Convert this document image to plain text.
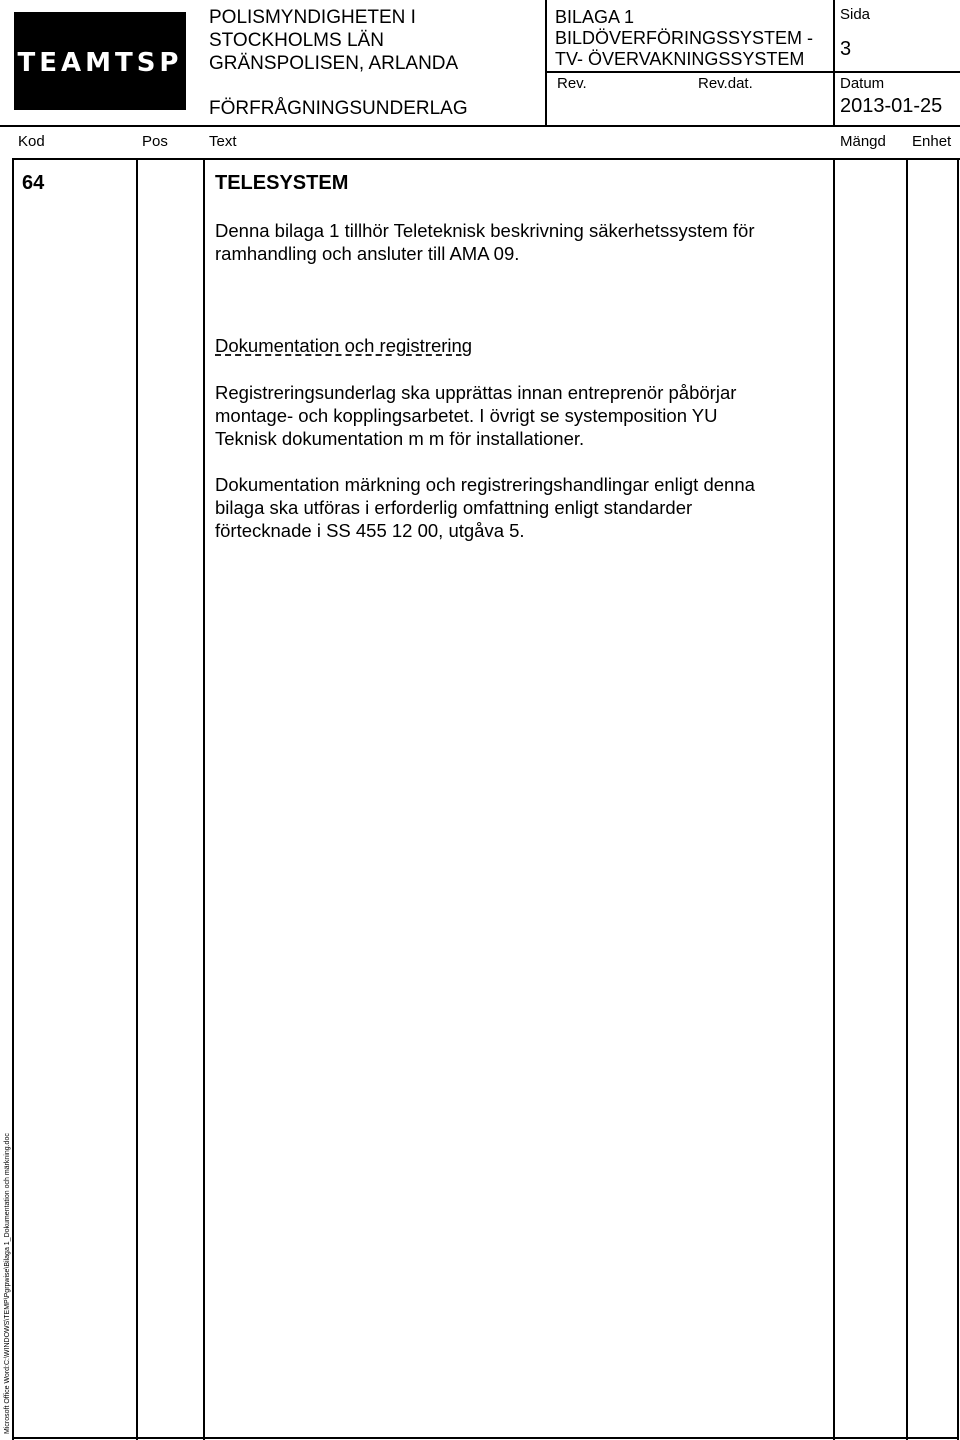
TEAMTSP
POLISMYNDIGHETEN I
STOCKHOLMS LÄN
GRÄNSPOLISEN, ARLANDA
FÖRFRÅGNINGSUNDERLAG
BILAGA 1
BILDÖVERFÖRINGSSYSTEM -
TV- ÖVERVAKNINGSSYSTEM
Rev.	Rev.dat.
Sida
3
Datum
2013-01-25
Kod	Pos	Text	Mängd Enhet
64	TELESYSTEM
Denna bilaga 1 tillhör Teleteknisk beskrivning säkerhetssystem för
ramhandling och ansluter till AMA 09.
Dokumentation och registrering
Registreringsunderlag ska upprättas innan entreprenör påbörjar
montage- och kopplingsarbetet. I övrigt se systemposition YU
Teknisk dokumentation m m för installationer.
Dokumentation märkning och registreringshandlingar enligt denna
bilaga ska utföras i erforderlig omfattning enligt standarder
förtecknade i SS 455 12 00, utgåva 5.
Microsoft Office Word:C:\WINDOWS\TEMP\Pgrpwise\Bilaga 1_Dokumentation och märkning.doc
